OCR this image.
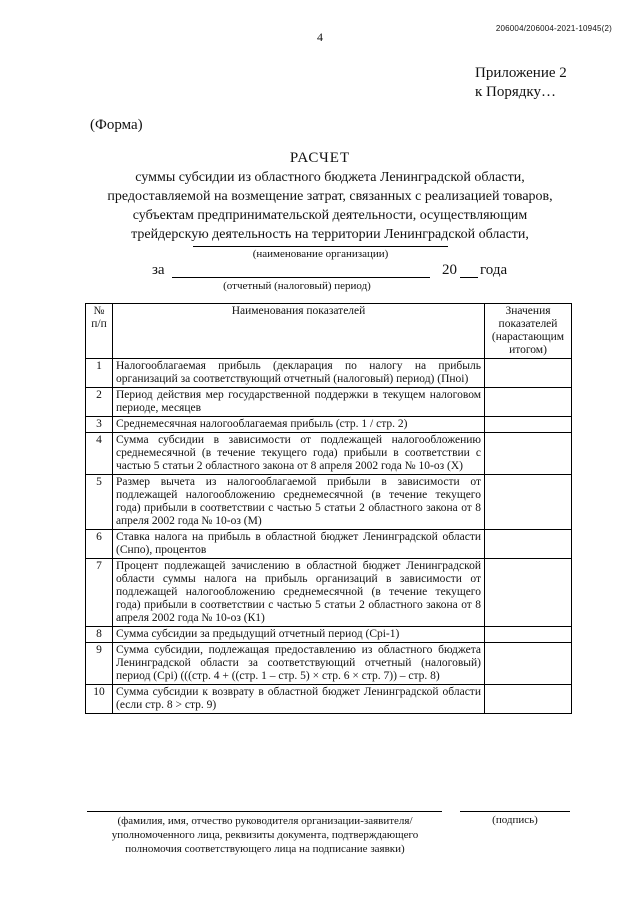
4
206004/206004-2021-10945(2)
Приложение 2
к Порядку…
(Форма)
РАСЧЕТ
суммы субсидии из областного бюджета Ленинградской области,
предоставляемой на возмещение затрат, связанных с реализацией товаров,
субъектам предпринимательской деятельности, осуществляющим
трейдерскую деятельность на территории Ленинградской области,
(наименование организации)
за	20 года
(отчетный (налоговый) период)
№ п/п	Наименования показателей	Значения показателей (нарастающим итогом)
1	Налогооблагаемая прибыль (декларация по налогу на прибыль организаций за соответствующий отчетный (налоговый) период) (Пноi)	
2	Период действия мер государственной поддержки в текущем налоговом периоде, месяцев	
3	Среднемесячная налогооблагаемая прибыль (стр. 1 / стр. 2)	
4	Сумма субсидии в зависимости от подлежащей налогообложению среднемесячной (в течение текущего года) прибыли в соответствии с частью 5 статьи 2 областного закона от 8 апреля 2002 года № 10-оз (Х)	
5	Размер вычета из налогооблагаемой прибыли в зависимости от подлежащей налогообложению среднемесячной (в течение текущего года) прибыли в соответствии с частью 5 статьи 2 областного закона от 8 апреля 2002 года № 10-оз (М)	
6	Ставка налога на прибыль в областной бюджет Ленинградской области (Снпо), процентов	
7	Процент подлежащей зачислению в областной бюджет Ленинградской области суммы налога на прибыль организаций в зависимости от подлежащей налогообложению среднемесячной (в течение текущего года) прибыли в соответствии с частью 5 статьи 2 областного закона от 8 апреля 2002 года № 10-оз (К1)	
8	Сумма субсидии за предыдущий отчетный период (Срi-1)	
9	Сумма субсидии, подлежащая предоставлению из областного бюджета Ленинградской области за соответствующий отчетный (налоговый) период (Срi) (((стр. 4 + ((стр. 1 – стр. 5) × стр. 6 × стр. 7)) – стр. 8)	
10	Сумма субсидии к возврату в областной бюджет Ленинградской области (если стр. 8 > стр. 9)	
(фамилия, имя, отчество руководителя организации-заявителя/
уполномоченного лица, реквизиты документа, подтверждающего
полномочия соответствующего лица на подписание заявки)
(подпись)
